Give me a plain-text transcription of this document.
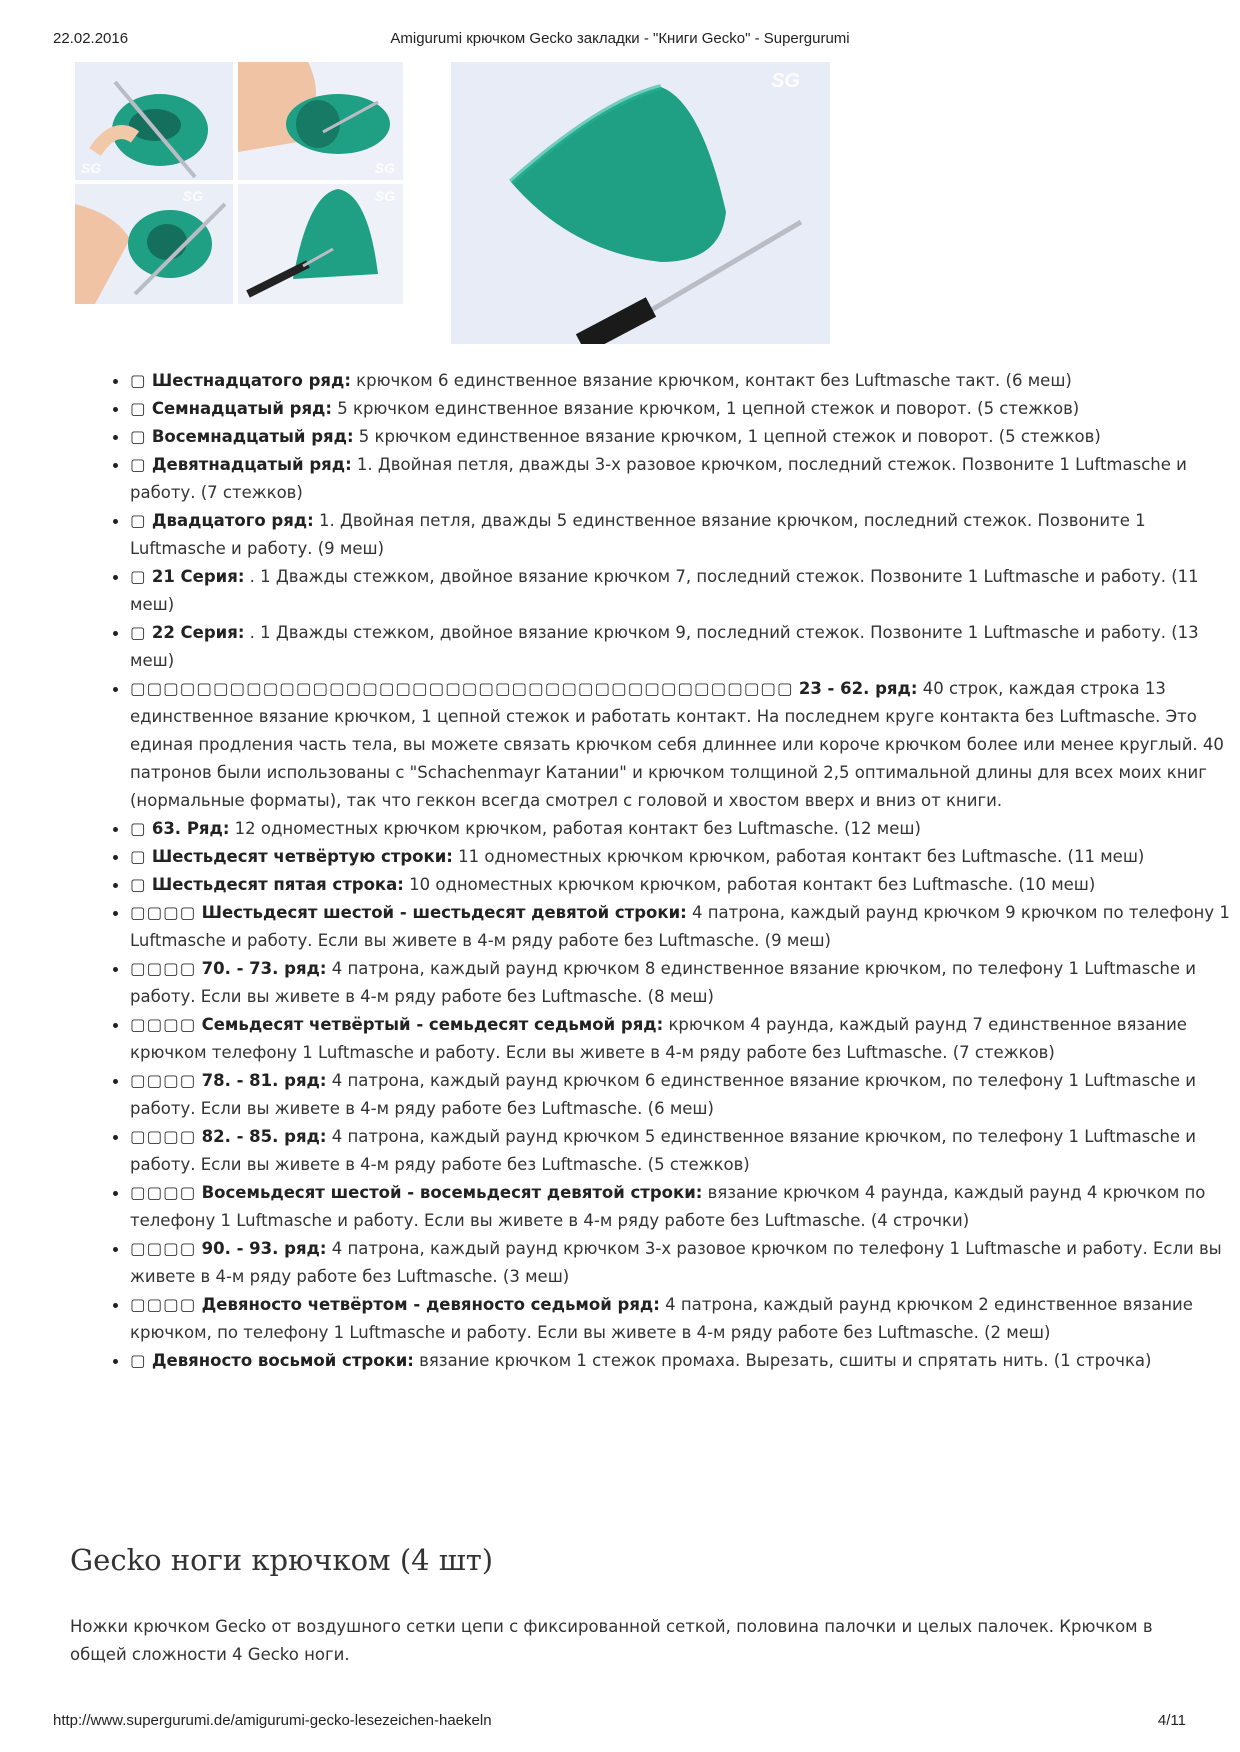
22.02.2016	Amigurumi крючком Gecko закладки - "Книги Gecko" - Supergurumi
SG	SG
SG	SG
SG
• ▢ Шестнадцатого ряд: крючком 6 единственное вязание крючком, контакт без Luftmasche такт. (6 меш)
• ▢ Семнадцатый ряд: 5 крючком единственное вязание крючком, 1 цепной стежок и поворот. (5 стежков)
• ▢ Восемнадцатый ряд: 5 крючком единственное вязание крючком, 1 цепной стежок и поворот. (5 стежков)
• ▢ Девятнадцатый ряд: 1. Двойная петля, дважды 3-х разовое крючком, последний стежок. Позвоните 1 Luftmasche и работу. (7 стежков)
• ▢ Двадцатого ряд: 1. Двойная петля, дважды 5 единственное вязание крючком, последний стежок. Позвоните 1 Luftmasche и работу. (9 меш)
• ▢ 21 Серия: . 1 Дважды стежком, двойное вязание крючком 7, последний стежок. Позвоните 1 Luftmasche и работу. (11 меш)
• ▢ 22 Серия: . 1 Дважды стежком, двойное вязание крючком 9, последний стежок. Позвоните 1 Luftmasche и работу. (13 меш)
• ▢▢▢▢▢▢▢▢▢▢▢▢▢▢▢▢▢▢▢▢▢▢▢▢▢▢▢▢▢▢▢▢▢▢▢▢▢▢▢▢ 23 - 62. ряд: 40 строк, каждая строка 13 единственное вязание крючком, 1 цепной стежок и работать контакт. На последнем круге контакта без Luftmasche. Это единая продления часть тела, вы можете связать крючком себя длиннее или короче крючком более или менее круглый. 40 патронов были использованы с "Schachenmayr Катании" и крючком толщиной 2,5 оптимальной длины для всех моих книг (нормальные форматы), так что геккон всегда смотрел с головой и хвостом вверх и вниз от книги.
• ▢ 63. Ряд: 12 одноместных крючком крючком, работая контакт без Luftmasche. (12 меш)
• ▢ Шестьдесят четвёртую строки: 11 одноместных крючком крючком, работая контакт без Luftmasche. (11 меш)
• ▢ Шестьдесят пятая строка: 10 одноместных крючком крючком, работая контакт без Luftmasche. (10 меш)
• ▢▢▢▢ Шестьдесят шестой - шестьдесят девятой строки: 4 патрона, каждый раунд крючком 9 крючком по телефону 1 Luftmasche и работу. Если вы живете в 4-м ряду работе без Luftmasche. (9 меш)
• ▢▢▢▢ 70. - 73. ряд: 4 патрона, каждый раунд крючком 8 единственное вязание крючком, по телефону 1 Luftmasche и работу. Если вы живете в 4-м ряду работе без Luftmasche. (8 меш)
• ▢▢▢▢ Семьдесят четвёртый - семьдесят седьмой ряд: крючком 4 раунда, каждый раунд 7 единственное вязание крючком телефону 1 Luftmasche и работу. Если вы живете в 4-м ряду работе без Luftmasche. (7 стежков)
• ▢▢▢▢ 78. - 81. ряд: 4 патрона, каждый раунд крючком 6 единственное вязание крючком, по телефону 1 Luftmasche и работу. Если вы живете в 4-м ряду работе без Luftmasche. (6 меш)
• ▢▢▢▢ 82. - 85. ряд: 4 патрона, каждый раунд крючком 5 единственное вязание крючком, по телефону 1 Luftmasche и работу. Если вы живете в 4-м ряду работе без Luftmasche. (5 стежков)
• ▢▢▢▢ Восемьдесят шестой - восемьдесят девятой строки: вязание крючком 4 раунда, каждый раунд 4 крючком по телефону 1 Luftmasche и работу. Если вы живете в 4-м ряду работе без Luftmasche. (4 строчки)
• ▢▢▢▢ 90. - 93. ряд: 4 патрона, каждый раунд крючком 3-х разовое крючком по телефону 1 Luftmasche и работу. Если вы живете в 4-м ряду работе без Luftmasche. (3 меш)
• ▢▢▢▢ Девяносто четвёртом - девяносто седьмой ряд: 4 патрона, каждый раунд крючком 2 единственное вязание крючком, по телефону 1 Luftmasche и работу. Если вы живете в 4-м ряду работе без Luftmasche. (2 меш)
• ▢ Девяносто восьмой строки: вязание крючком 1 стежок промаха. Вырезать, сшиты и спрятать нить. (1 строчка)
Gecko ноги крючком (4 шт)

Ножки крючком Gecko от воздушного сетки цепи с фиксированной сеткой, половина палочки и целых палочек. Крючком в общей сложности 4 Gecko ноги.

http://www.supergurumi.de/amigurumi-gecko-lesezeichen-haekeln	4/11
